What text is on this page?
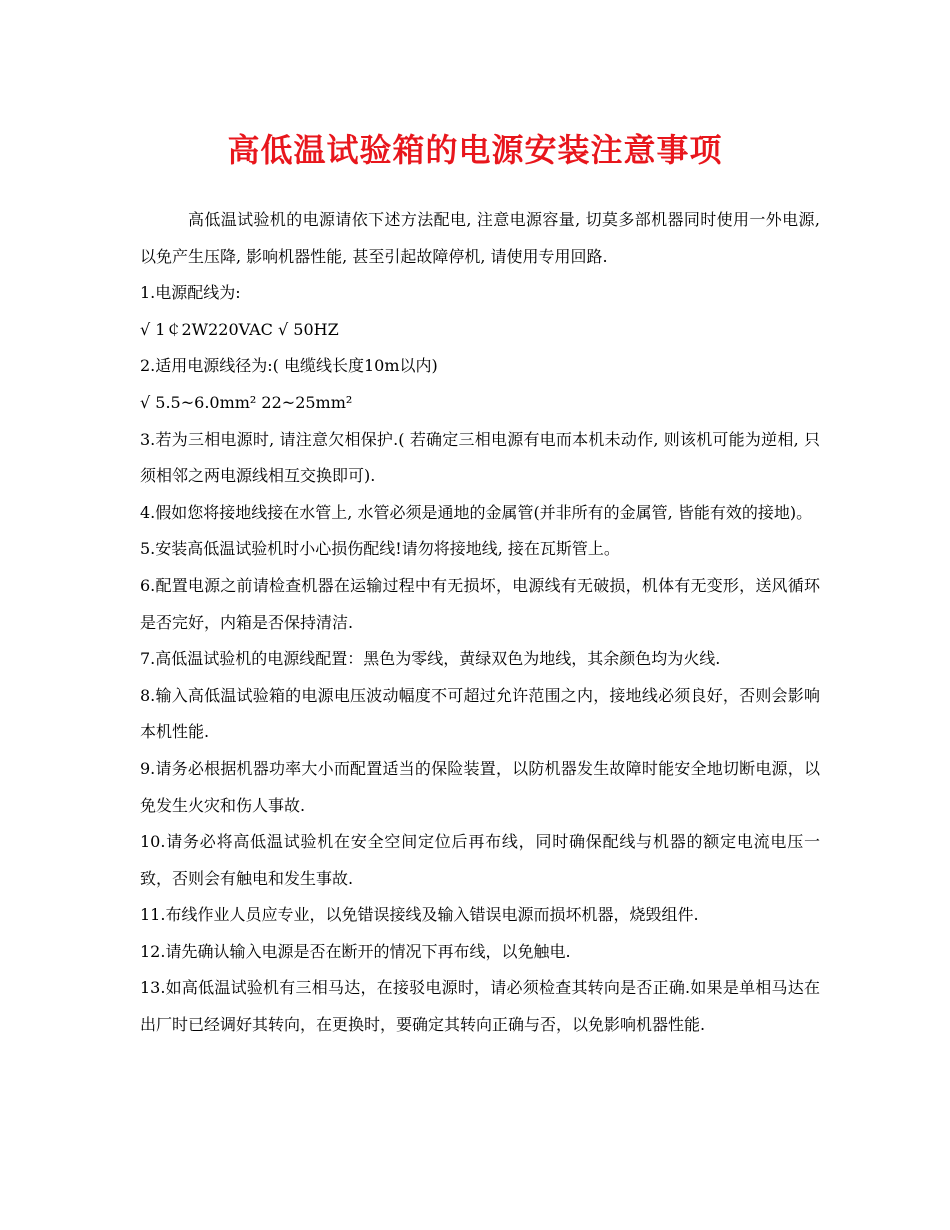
高低温试验箱的电源安装注意事项

高低温试验机的电源请依下述方法配电, 注意电源容量, 切莫多部机器同时使用一外电源, 以免产生压降, 影响机器性能, 甚至引起故障停机, 请使用专用回路.

1.电源配线为:

√ 1￠2W220VAC √ 50HZ

2.适用电源线径为:( 电缆线长度10m以内)

√ 5.5~6.0mm² 22~25mm²

3.若为三相电源时, 请注意欠相保护.( 若确定三相电源有电而本机未动作, 则该机可能为逆相, 只须相邻之两电源线相互交换即可).

4.假如您将接地线接在水管上, 水管必须是通地的金属管(并非所有的金属管, 皆能有效的接地)。

5.安装高低温试验机时小心损伤配线!请勿将接地线, 接在瓦斯管上。

6.配置电源之前请检查机器在运输过程中有无损坏，电源线有无破损，机体有无变形，送风循环是否完好，内箱是否保持清洁.

7.高低温试验机的电源线配置：黑色为零线，黄绿双色为地线，其余颜色均为火线.

8.输入高低温试验箱的电源电压波动幅度不可超过允许范围之内，接地线必须良好，否则会影响本机性能.

9.请务必根据机器功率大小而配置适当的保险装置，以防机器发生故障时能安全地切断电源，以免发生火灾和伤人事故.

10.请务必将高低温试验机在安全空间定位后再布线，同时确保配线与机器的额定电流电压一致，否则会有触电和发生事故.

11.布线作业人员应专业，以免错误接线及输入错误电源而损坏机器，烧毁组件.

12.请先确认输入电源是否在断开的情况下再布线，以免触电.

13.如高低温试验机有三相马达，在接驳电源时，请必须检查其转向是否正确.如果是单相马达在出厂时已经调好其转向，在更换时，要确定其转向正确与否，以免影响机器性能.
